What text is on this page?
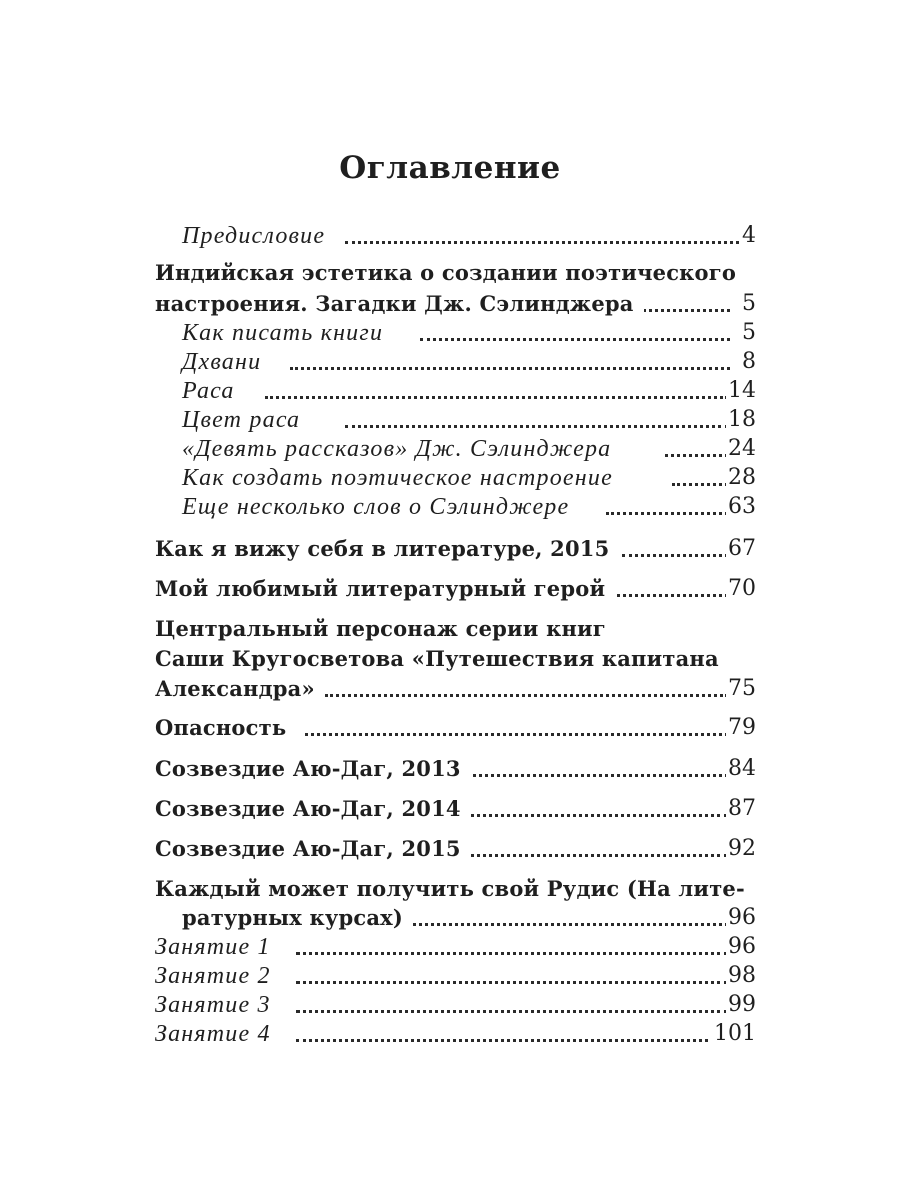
Оглавление
Предисловие	4
Индийская эстетика о создании поэтического
настроения. Загадки Дж. Сэлинджера	5
Как писать книги	5
Дхвани	8
Раса	14
Цвет раса	18
«Девять рассказов» Дж. Сэлинджера	24
Как создать поэтическое настроение	28
Еще несколько слов о Сэлинджере	63
Как я вижу себя в литературе, 2015	67
Мой любимый литературный герой	70
Центральный персонаж серии книг
Саши Кругосветова «Путешествия капитана
Александра»	75
Опасность	79
Созвездие Аю-Даг, 2013	84
Созвездие Аю-Даг, 2014	87
Созвездие Аю-Даг, 2015	92
Каждый может получить свой Рудис (На лите-
ратурных курсах)	96
Занятие 1	96
Занятие 2	98
Занятие 3	99
Занятие 4	101
